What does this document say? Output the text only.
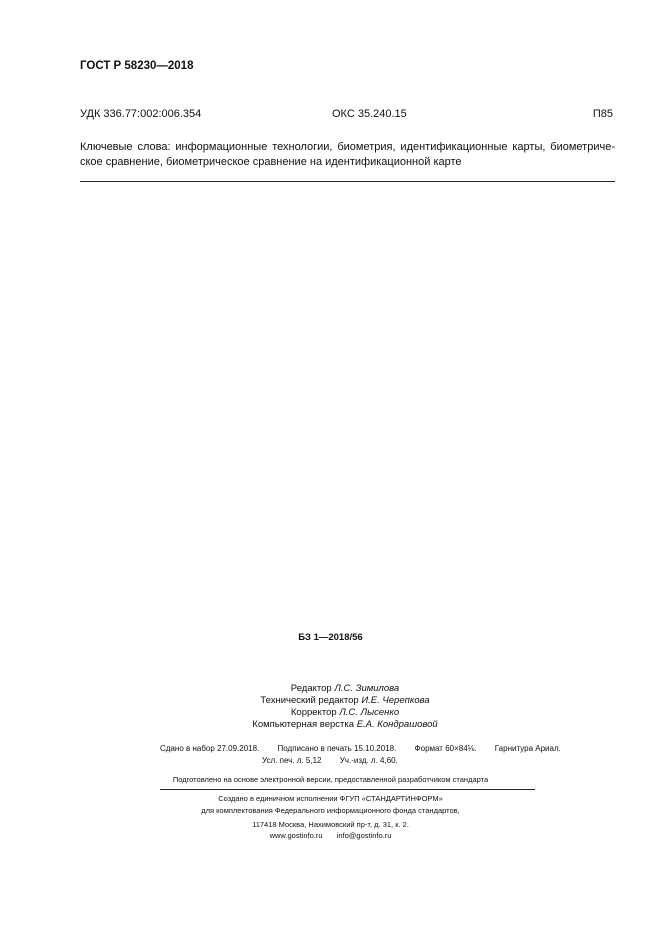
ГОСТ Р 58230—2018
УДК 336.77:002:006.354	ОКС 35.240.15	П85
Ключевые слова: информационные технологии, биометрия, идентификационные карты, биометриче-
ское сравнение, биометрическое сравнение на идентификационной карте
БЗ 1—2018/56
Редактор Л.С. Зимилова
Технический редактор И.Е. Черепкова
Корректор Л.С. Лысенко
Компьютерная верстка Е.А. Кондрашовой
Сдано в набор 27.09.2018. Подписано в печать 15.10.2018. Формат 60×84⅛. Гарнитура Ариал.
Усл. печ. л. 5,12 Уч.-изд. л. 4,60.
Подготовлено на основе электронной версии, предоставленной разработчиком стандарта
Создано в единичном исполнении ФГУП «СТАНДАРТИНФОРМ»
для комплектования Федерального информационного фонда стандартов,
117418 Москва, Нахимовский пр-т, д. 31, к. 2.
www.gostinfo.ru info@gostinfo.ru
